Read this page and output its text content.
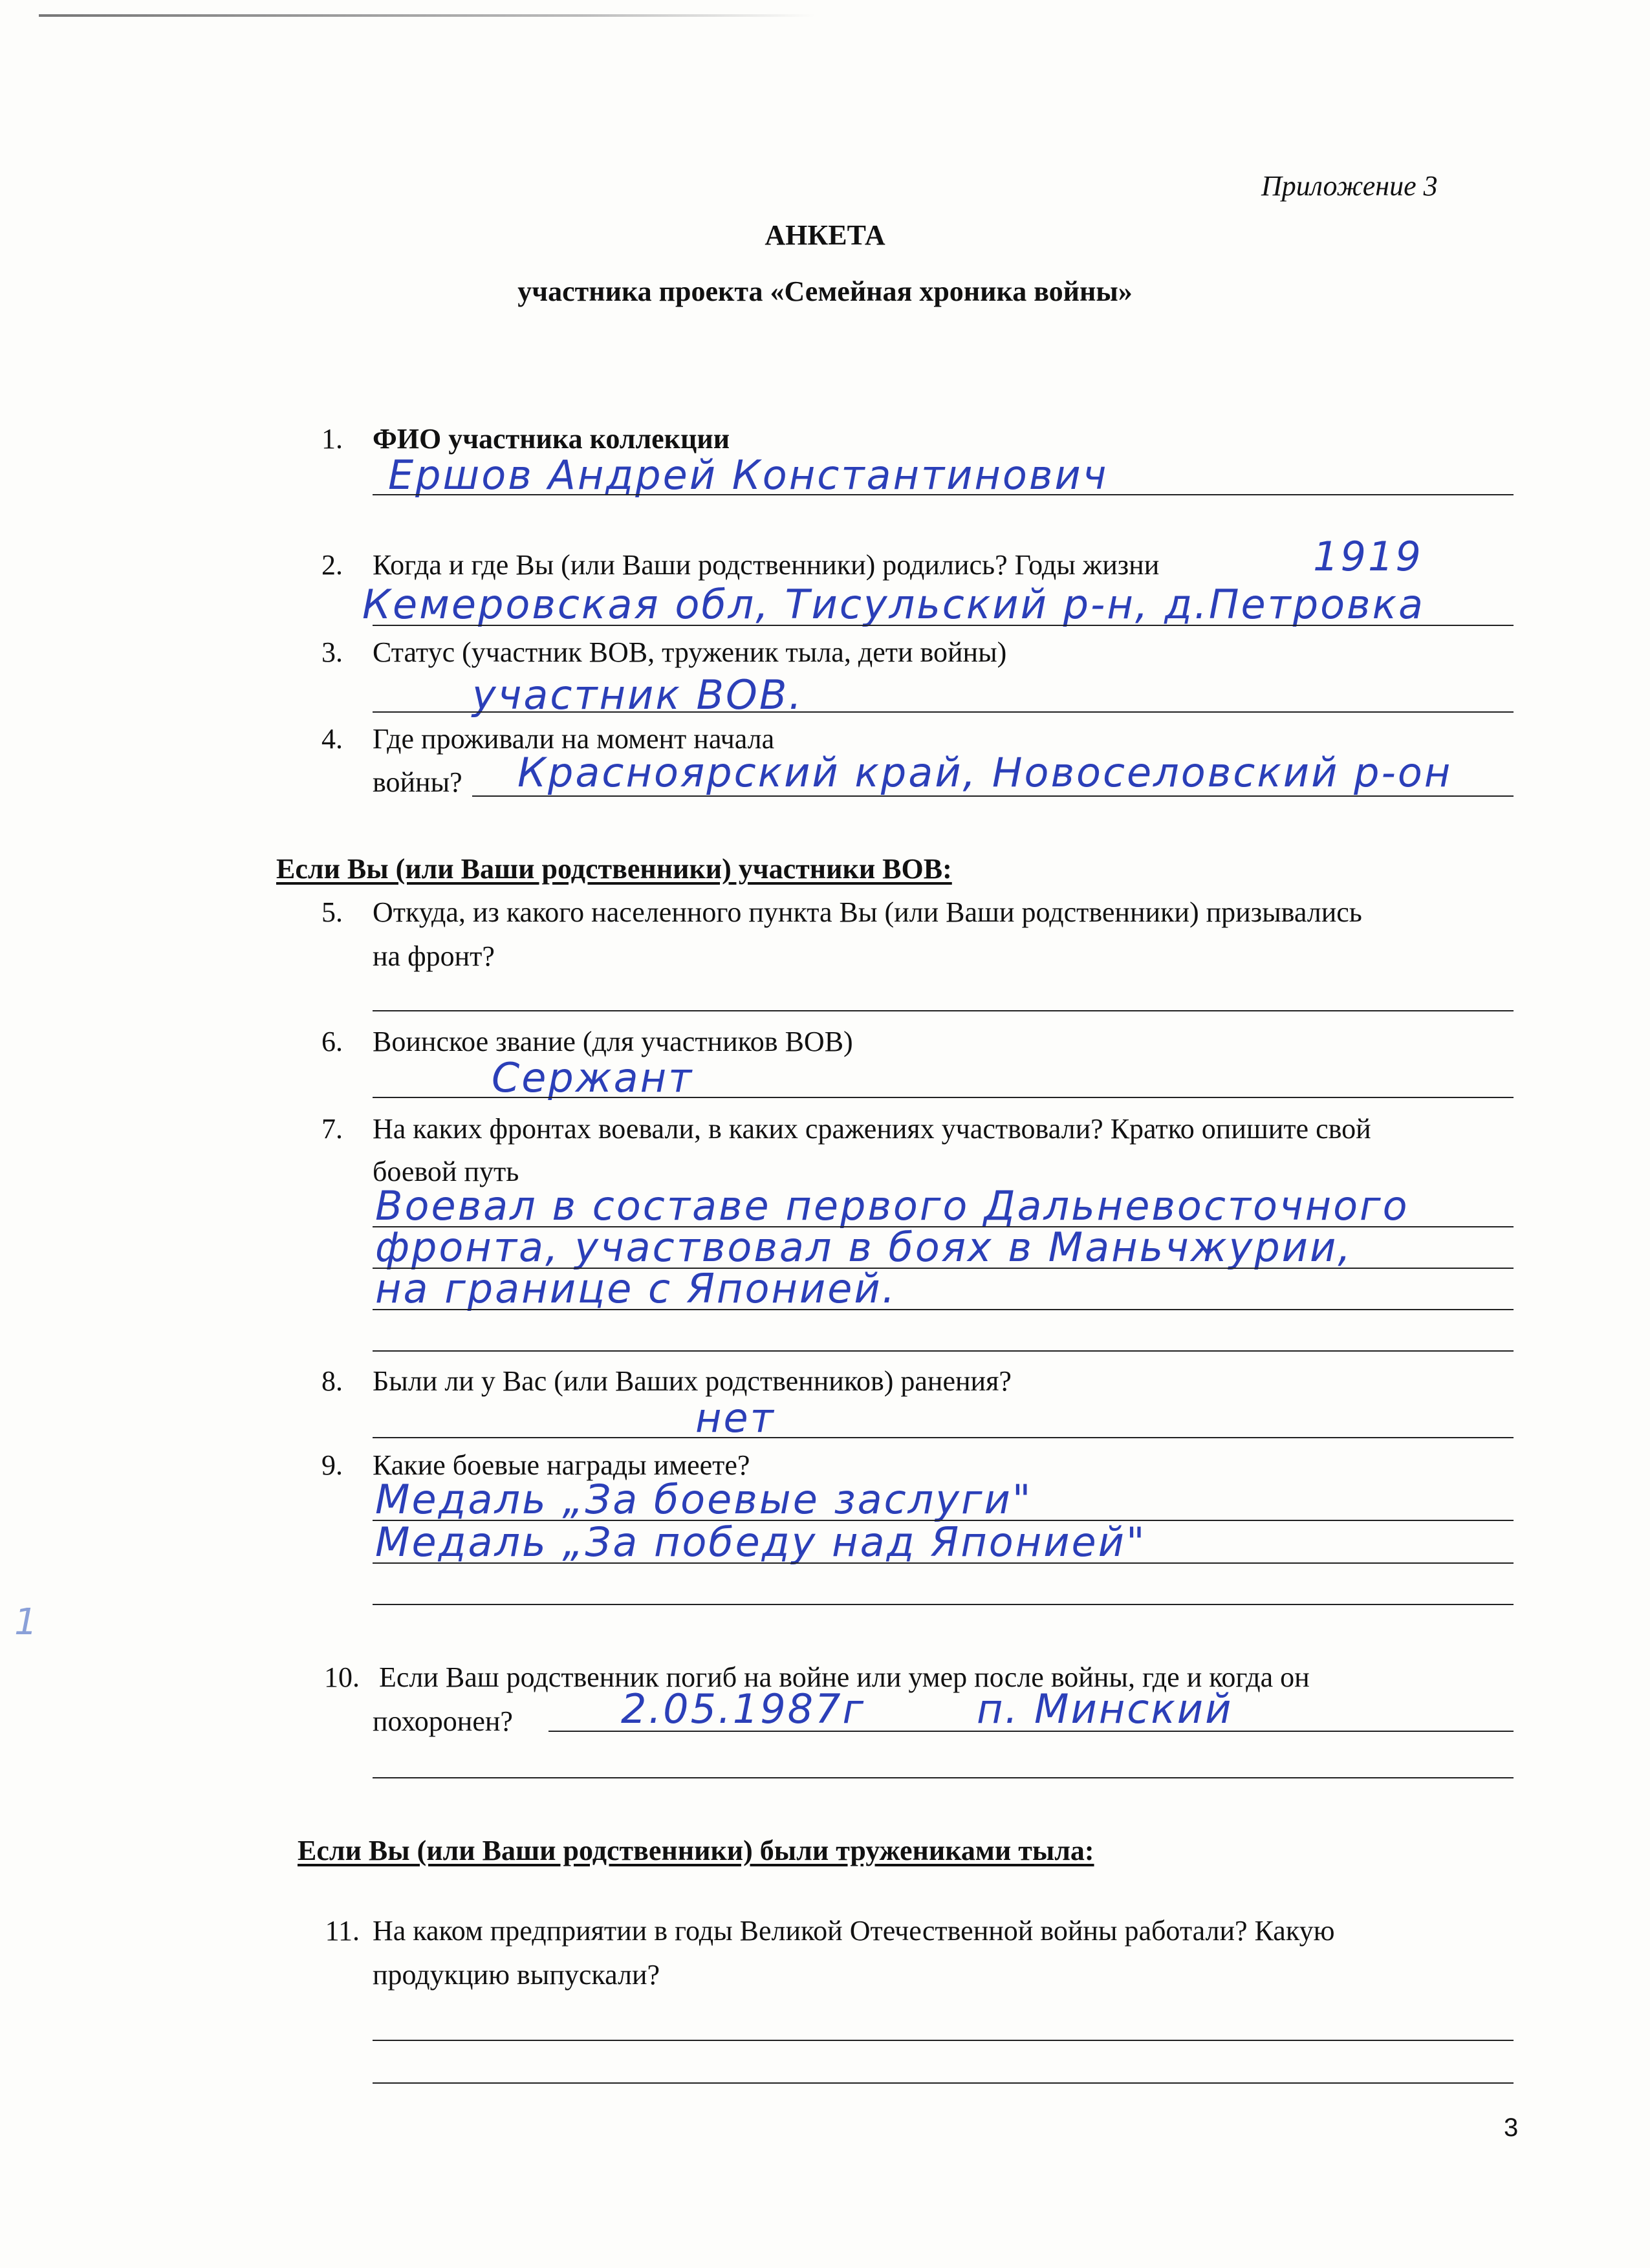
Приложение 3
АНКЕТА
участника проекта «Семейная хроника войны»
1. ФИО участника коллекции
Ершов Андрей Константинович
2. Когда и где Вы (или Ваши родственники) родились? Годы жизни	1919
Кемеровская обл, Тисульский р-н, д.Петровка
3. Статус (участник ВОВ, труженик тыла, дети войны)
участник ВОВ.
4. Где проживали на момент начала
войны? Красноярский край, Новоселовский р-он
Если Вы (или Ваши родственники) участники ВОВ:
5. Откуда, из какого населенного пункта Вы (или Ваши родственники) призывались
на фронт?
6. Воинское звание (для участников ВОВ)
Сержант
7. На каких фронтах воевали, в каких сражениях участвовали? Кратко опишите свой
боевой путь
Воевал в составе первого Дальневосточного
фронта, участвовал в боях в Маньчжурии,
на границе с Японией.
8. Были ли у Вас (или Ваших родственников) ранения?
нет
9. Какие боевые награды имеете?
Медаль „За боевые заслуги"
Медаль „За победу над Японией"
1
10. Если Ваш родственник погиб на войне или умер после войны, где и когда он
похоронен?	2.05.1987г	п. Минский
Если Вы (или Ваши родственники) были тружениками тыла:
11. На каком предприятии в годы Великой Отечественной войны работали? Какую
продукцию выпускали?
3
